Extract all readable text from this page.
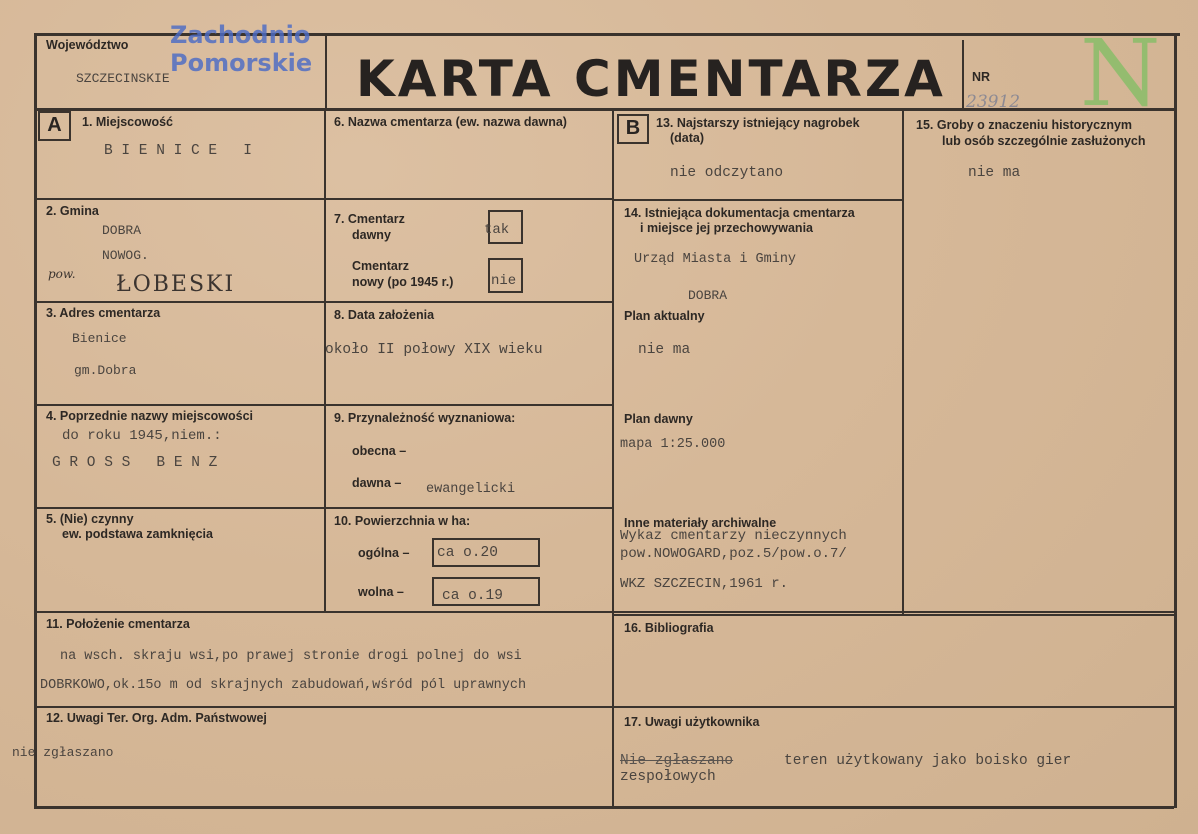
Województwo
SZCZECINSKIE
Zachodnio
Pomorskie KARTA CMENTARZA NR
23912 N
A	B
1. Miejscowość
B I E N I C E   I
2. Gmina
DOBRA
NOWOG.
pow. ŁOBESKI
3. Adres cmentarza
Bienice
gm.Dobra
4. Poprzednie nazwy miejscowości
do roku 1945,niem.:
G R O S S   B E N Z
5. (Nie) czynny
ew. podstawa zamknięcia
6. Nazwa cmentarza (ew. nazwa dawna)
7. Cmentarz
dawny	tak
Cmentarz
nowy (po 1945 r.)	nie
8. Data założenia
około II połowy XIX wieku
9. Przynależność wyznaniowa:
obecna –
dawna – ewangelicki
10. Powierzchnia w ha:
ogólna – ca o.20
wolna –	ca o.19
11. Położenie cmentarza
na wsch. skraju wsi,po prawej stronie drogi polnej do wsi
DOBRKOWO,ok.15o m od skrajnych zabudowań,wśród pól uprawnych
12. Uwagi Ter. Org. Adm. Państwowej
nie zgłaszano
13. Najstarszy istniejący nagrobek
(data)
nie odczytano
14. Istniejąca dokumentacja cmentarza
i miejsce jej przechowywania
Urząd Miasta i Gminy
DOBRA
Plan aktualny
nie ma
Plan dawny
mapa 1:25.000
Inne materiały archiwalne
Wykaz cmentarzy nieczynnych
pow.NOWOGARD,poz.5/pow.o.7/
WKZ SZCZECIN,1961 r.
15. Groby o znaczeniu historycznym
lub osób szczególnie zasłużonych
nie ma
16. Bibliografia
17. Uwagi użytkownika
Nie zgłaszano	teren użytkowany jako boisko gier
zespołowych
